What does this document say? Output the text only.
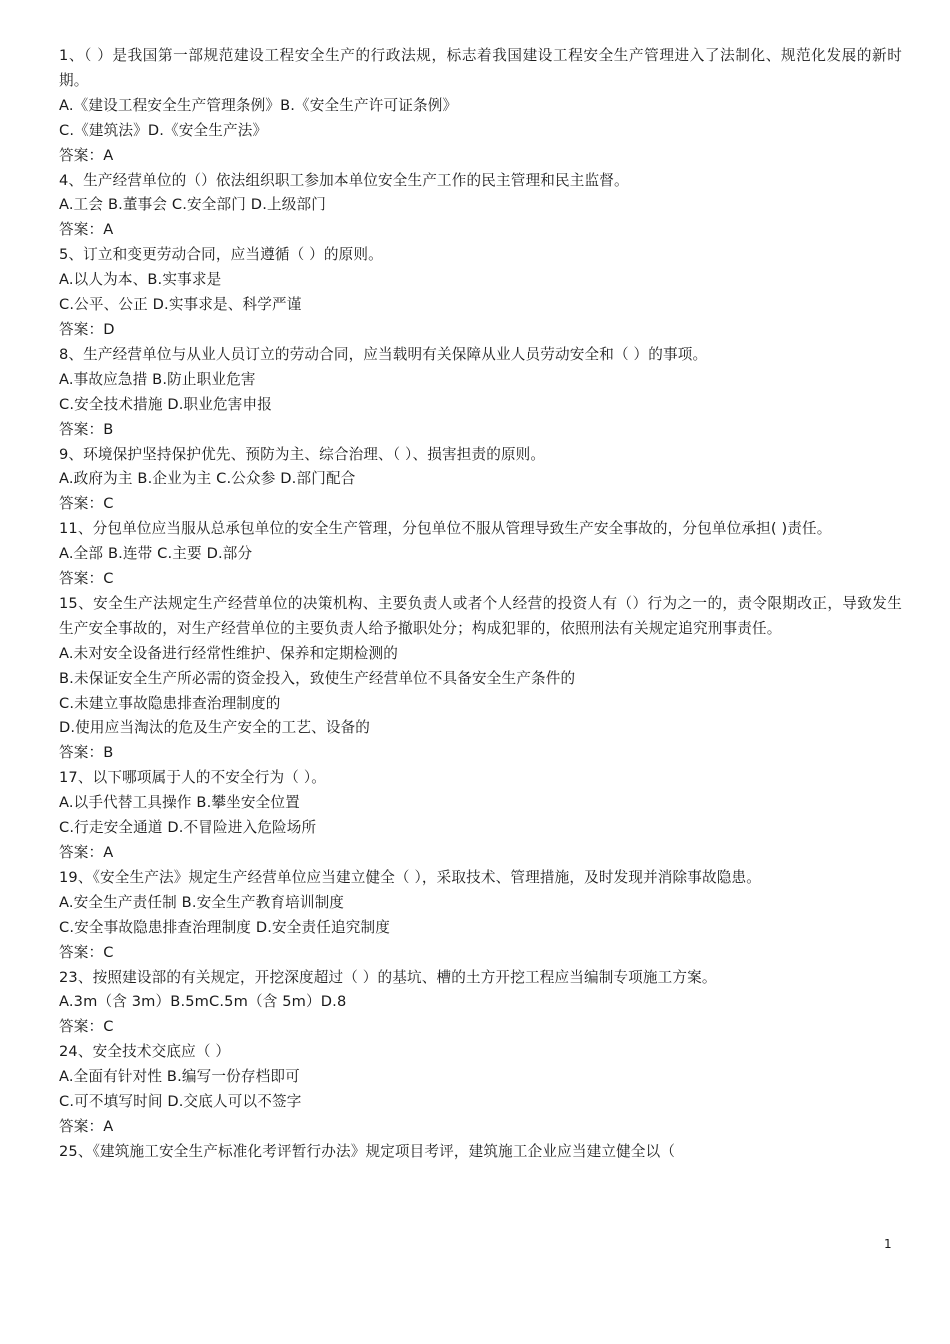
1、（ ）是我国第一部规范建设工程安全生产的行政法规，标志着我国建设工程安全生产管理进入了法制化、规范化发展的新时期。

A.《建设工程安全生产管理条例》B.《安全生产许可证条例》

C.《建筑法》D.《安全生产法》

答案：A

4、生产经营单位的（）依法组织职工参加本单位安全生产工作的民主管理和民主监督。

A.工会 B.董事会 C.安全部门 D.上级部门

答案：A

5、订立和变更劳动合同，应当遵循（ ）的原则。

A.以人为本、B.实事求是

C.公平、公正 D.实事求是、科学严谨

答案：D

8、生产经营单位与从业人员订立的劳动合同，应当载明有关保障从业人员劳动安全和（ ）的事项。

A.事故应急措 B.防止职业危害

C.安全技术措施 D.职业危害申报

答案：B

9、环境保护坚持保护优先、预防为主、综合治理、（ ）、损害担责的原则。

A.政府为主 B.企业为主 C.公众参 D.部门配合

答案：C

11、分包单位应当服从总承包单位的安全生产管理，分包单位不服从管理导致生产安全事故的，分包单位承担( )责任。

A.全部 B.连带 C.主要 D.部分

答案：C

15、安全生产法规定生产经营单位的决策机构、主要负责人或者个人经营的投资人有（）行为之一的，责令限期改正，导致发生生产安全事故的，对生产经营单位的主要负责人给予撤职处分；构成犯罪的，依照刑法有关规定追究刑事责任。

A.未对安全设备进行经常性维护、保养和定期检测的

B.未保证安全生产所必需的资金投入，致使生产经营单位不具备安全生产条件的

C.未建立事故隐患排查治理制度的

D.使用应当淘汰的危及生产安全的工艺、设备的

答案：B

17、以下哪项属于人的不安全行为（ ）。

A.以手代替工具操作 B.攀坐安全位置

C.行走安全通道 D.不冒险进入危险场所

答案：A

19、《安全生产法》规定生产经营单位应当建立健全（ ），采取技术、管理措施，及时发现并消除事故隐患。

A.安全生产责任制 B.安全生产教育培训制度

C.安全事故隐患排查治理制度 D.安全责任追究制度

答案：C

23、按照建设部的有关规定，开挖深度超过（ ）的基坑、槽的土方开挖工程应当编制专项施工方案。

A.3m（含 3m）B.5mC.5m（含 5m）D.8

答案：C

24、安全技术交底应（ ）

A.全面有针对性 B.编写一份存档即可

C.可不填写时间 D.交底人可以不签字

答案：A

25、《建筑施工安全生产标准化考评暂行办法》规定项目考评，建筑施工企业应当建立健全以（

1
